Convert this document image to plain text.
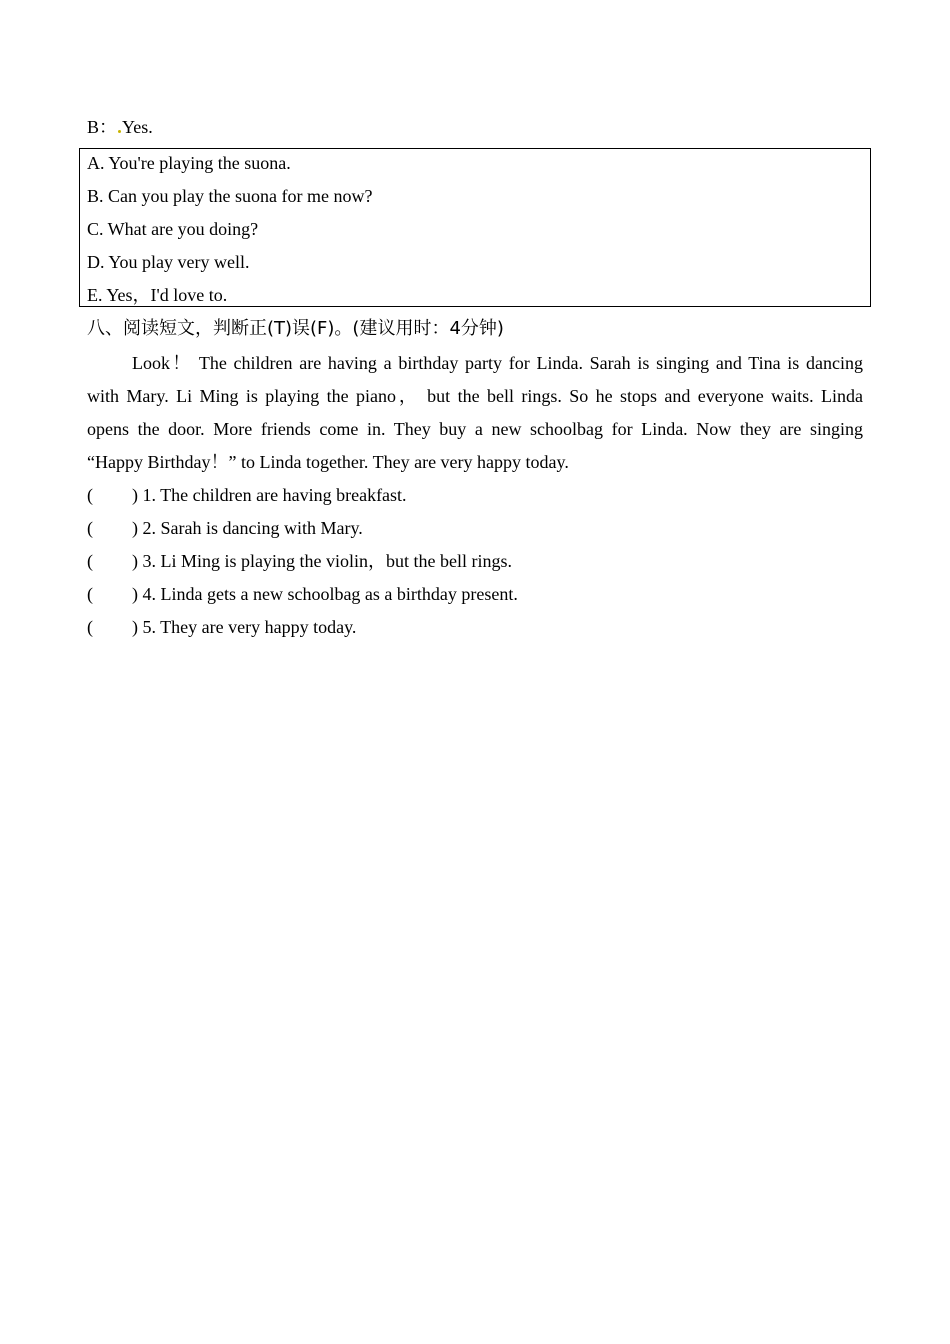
B： Yes.
A. You're playing the suona.
B. Can you play the suona for me now?
C. What are you doing?
D. You play very well.
E. Yes，I'd love to.
八、阅读短文，判断正(T)误(F)。(建议用时：4分钟)
Look！ The children are having a birthday party for Linda. Sarah is singing and Tina is dancing
with Mary. Li Ming is playing the piano， but the bell rings. So he stops and everyone waits. Linda
opens the door. More friends come in. They buy a new schoolbag for Linda. Now they are singing
“Happy Birthday！” to Linda together. They are very happy today.
( ) 1. The children are having breakfast.
( ) 2. Sarah is dancing with Mary.
( ) 3. Li Ming is playing the violin，but the bell rings.
( ) 4. Linda gets a new schoolbag as a birthday present.
( ) 5. They are very happy today.
